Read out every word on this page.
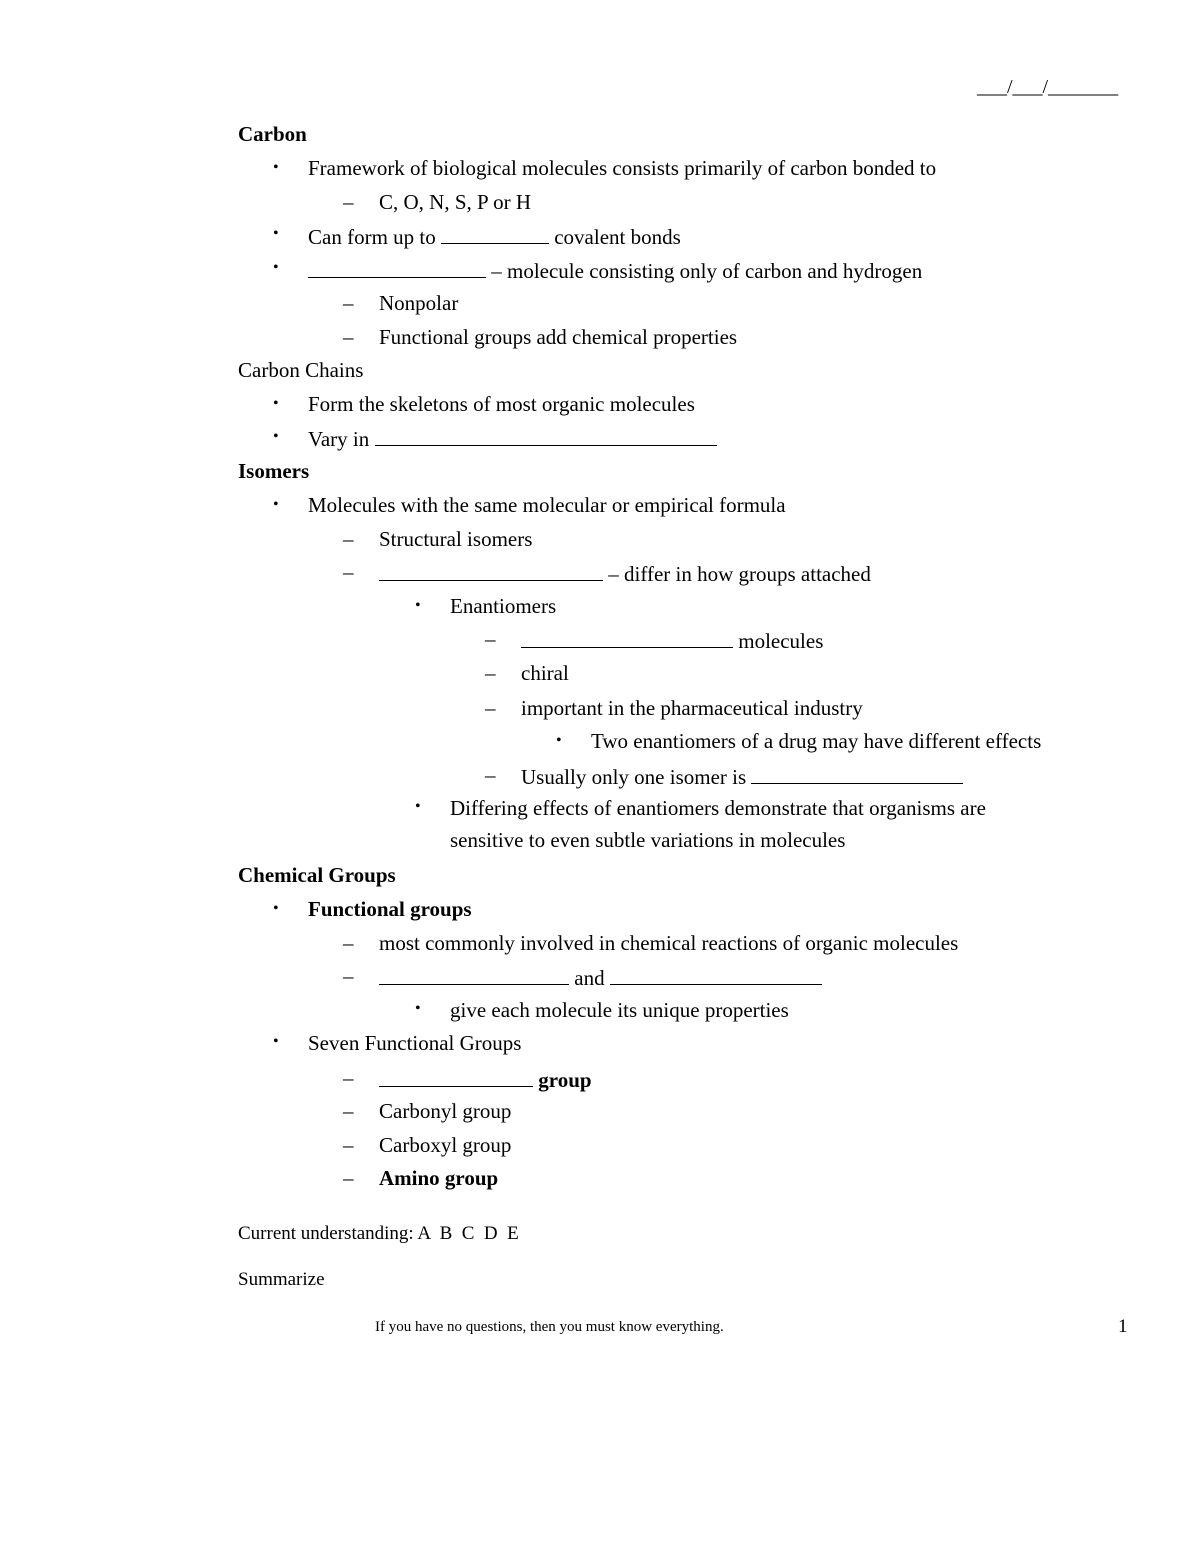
___/___/_______
Carbon
• Framework of biological molecules consists primarily of carbon bonded to
– C, O, N, S, P or H
• Can form up to	covalent bonds
•	– molecule consisting only of carbon and hydrogen
– Nonpolar
– Functional groups add chemical properties
Carbon Chains
• Form the skeletons of most organic molecules
• Vary in
Isomers
• Molecules with the same molecular or empirical formula
– Structural isomers
–	– differ in how groups attached
• Enantiomers
–	molecules
– chiral
– important in the pharmaceutical industry
• Two enantiomers of a drug may have different effects
– Usually only one isomer is
• Differing effects of enantiomers demonstrate that organisms are
sensitive to even subtle variations in molecules
Chemical Groups
• Functional groups
– most commonly involved in chemical reactions of organic molecules
–	and
• give each molecule its unique properties
• Seven Functional Groups
–	group
– Carbonyl group
– Carboxyl group
– Amino group
Current understanding: A  B  C  D  E
Summarize
If you have no questions, then you must know everything.	1
